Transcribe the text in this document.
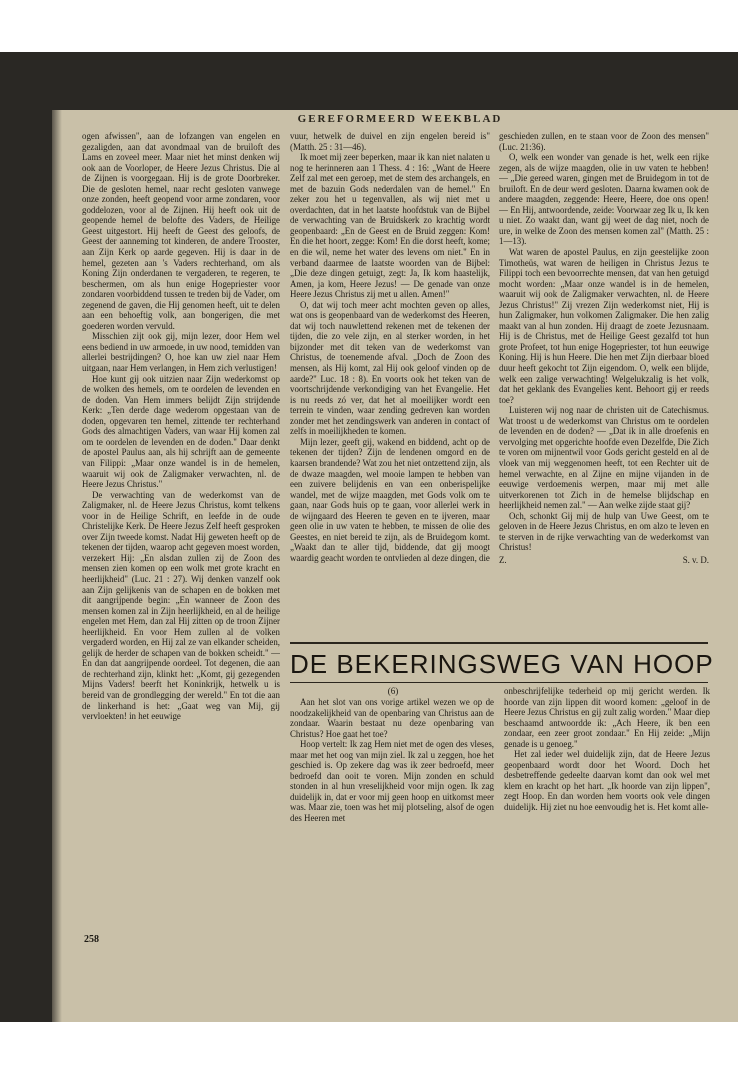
GEREFORMEERD WEEKBLAD

ogen afwissen", aan de lofzangen van engelen en gezaligden, aan dat avondmaal van de bruiloft des Lams en zoveel meer. Maar niet het minst denken wij ook aan de Voorloper, de Heere Jezus Christus. Die al de Zijnen is voorgegaan. Hij is de grote Doorbreker. Die de gesloten hemel, naar recht gesloten vanwege onze zonden, heeft geopend voor arme zondaren, voor goddelozen, voor al de Zijnen. Hij heeft ook uit de geopende hemel de belofte des Vaders, de Heilige Geest uitgestort. Hij heeft de Geest des geloofs, de Geest der aanneming tot kinderen, de andere Trooster, aan Zijn Kerk op aarde gegeven. Hij is daar in de hemel, gezeten aan 's Vaders rechterhand, om als Koning Zijn onderdanen te vergaderen, te regeren, te beschermen, om als hun enige Hogepriester voor zondaren voorbiddend tussen te treden bij de Vader, om zegenend de gaven, die Hij genomen heeft, uit te delen aan een behoeftig volk, aan bongerigen, die met goederen worden vervuld.

Misschien zijt ook gij, mijn lezer, door Hem wel eens bediend in uw armoede, in uw nood, temidden van allerlei bestrijdingen? O, hoe kan uw ziel naar Hem uitgaan, naar Hem verlangen, in Hem zich verlustigen!

Hoe kunt gij ook uitzien naar Zijn wederkomst op de wolken des hemels, om te oordelen de levenden en de doden. Van Hem immers belijdt Zijn strijdende Kerk: „Ten derde dage wederom opgestaan van de doden, opgevaren ten hemel, zittende ter rechterhand Gods des almachtigen Vaders, van waar Hij komen zal om te oordelen de levenden en de doden." Daar denkt de apostel Paulus aan, als hij schrijft aan de gemeente van Filippi: „Maar onze wandel is in de hemelen, waaruit wij ook de Zaligmaker verwachten, nl. de Heere Jezus Christus."

De verwachting van de wederkomst van de Zaligmaker, nl. de Heere Jezus Christus, komt telkens voor in de Heilige Schrift, en leefde in de oude Christelijke Kerk. De Heere Jezus Zelf heeft gesproken over Zijn tweede komst. Nadat Hij geweten heeft op de tekenen der tijden, waarop acht gegeven moest worden, verzekert Hij: „En alsdan zullen zij de Zoon des mensen zien komen op een wolk met grote kracht en heerlijkheid" (Luc. 21 : 27). Wij denken vanzelf ook aan Zijn gelijkenis van de schapen en de bokken met dit aangrijpende begin: „En wanneer de Zoon des mensen komen zal in Zijn heerlijkheid, en al de heilige engelen met Hem, dan zal Hij zitten op de troon Zijner heerlijkheid. En voor Hem zullen al de volken vergaderd worden, en Hij zal ze van elkander scheiden, gelijk de herder de schapen van de bokken scheidt." — En dan dat aangrijpende oordeel. Tot degenen, die aan de rechterhand zijn, klinkt het: „Komt, gij gezegenden Mijns Vaders! beerft het Koninkrijk, hetwelk u is bereid van de grondlegging der wereld." En tot die aan de linkerhand is het: „Gaat weg van Mij, gij vervloekten! in het eeuwige

vuur, hetwelk de duivel en zijn engelen bereid is" (Matth. 25 : 31—46).

Ik moet mij zeer beperken, maar ik kan niet nalaten u nog te herinneren aan 1 Thess. 4 : 16: „Want de Heere Zelf zal met een geroep, met de stem des archangels, en met de bazuin Gods nederdalen van de hemel." En zeker zou het u tegenvallen, als wij niet met u overdachten, dat in het laatste hoofdstuk van de Bijbel de verwachting van de Bruidskerk zo krachtig wordt geopenbaard: „En de Geest en de Bruid zeggen: Kom! En die het hoort, zegge: Kom! En die dorst heeft, kome; en die wil, neme het water des levens om niet." En in verband daarmee de laatste woorden van de Bijbel: „Die deze dingen getuigt, zegt: Ja, Ik kom haastelijk, Amen, ja kom, Heere Jezus! — De genade van onze Heere Jezus Christus zij met u allen. Amen!"

O, dat wij toch meer acht mochten geven op alles, wat ons is geopenbaard van de wederkomst des Heeren, dat wij toch nauwlettend rekenen met de tekenen der tijden, die zo vele zijn, en al sterker worden, in het bijzonder met dit teken van de wederkomst van Christus, de toenemende afval. „Doch de Zoon des mensen, als Hij komt, zal Hij ook geloof vinden op de aarde?" Luc. 18 : 8). En voorts ook het teken van de voortschrijdende verkondiging van het Evangelie. Het is nu reeds zó ver, dat het al moeilijker wordt een terrein te vinden, waar zending gedreven kan worden zonder met het zendingswerk van anderen in contact of zelfs in moeilijkheden te komen.

Mijn lezer, geeft gij, wakend en biddend, acht op de tekenen der tijden? Zijn de lendenen omgord en de kaarsen brandende? Wat zou het niet ontzettend zijn, als de dwaze maagden, wel mooie lampen te hebben van een zuivere belijdenis en van een onberispelijke wandel, met de wijze maagden, met Gods volk om te gaan, naar Gods huis op te gaan, voor allerlei werk in de wijngaard des Heeren te geven en te ijveren, maar geen olie in uw vaten te hebben, te missen de olie des Geestes, en niet bereid te zijn, als de Bruidegom komt. „Waakt dan te aller tijd, biddende, dat gij moogt waardig geacht worden te ontvlieden al deze dingen, die

geschieden zullen, en te staan voor de Zoon des mensen" (Luc. 21:36).

O, welk een wonder van genade is het, welk een rijke zegen, als de wijze maagden, olie in uw vaten te hebben! — „Die gereed waren, gingen met de Bruidegom in tot de bruiloft. En de deur werd gesloten. Daarna kwamen ook de andere maagden, zeggende: Heere, Heere, doe ons open! — En Hij, antwoordende, zeide: Voorwaar zeg Ik u, Ik ken u niet. Zo waakt dan, want gij weet de dag niet, noch de ure, in welke de Zoon des mensen komen zal" (Matth. 25 : 1—13).

Wat waren de apostel Paulus, en zijn geestelijke zoon Timotheüs, wat waren de heiligen in Christus Jezus te Filippi toch een bevoorrechte mensen, dat van hen getuigd mocht worden: „Maar onze wandel is in de hemelen, waaruit wij ook de Zaligmaker verwachten, nl. de Heere Jezus Christus!" Zij vrezen Zijn wederkomst niet, Hij is hun Zaligmaker, hun volkomen Zaligmaker. Die hen zalig maakt van al hun zonden. Hij draagt de zoete Jezusnaam. Hij is de Christus, met de Heilige Geest gezalfd tot hun grote Profeet, tot hun enige Hogepriester, tot hun eeuwige Koning. Hij is hun Heere. Die hen met Zijn dierbaar bloed duur heeft gekocht tot Zijn eigendom. O, welk een blijde, welk een zalige verwachting! Welgelukzalig is het volk, dat het geklank des Evangelies kent. Behoort gij er reeds toe?

Luisteren wij nog naar de christen uit de Catechismus. Wat troost u de wederkomst van Christus om te oordelen de levenden en de doden? — „Dat ik in alle droefenis en vervolging met opgerichte hoofde even Dezelfde, Die Zich te voren om mijnentwil voor Gods gericht gesteld en al de vloek van mij weggenomen heeft, tot een Rechter uit de hemel verwachte, en al Zijne en mijne vijanden in de eeuwige verdoemenis werpen, maar mij met alle uitverkorenen tot Zich in de hemelse blijdschap en heerlijkheid nemen zal." — Aan welke zijde staat gij?

Och, schonkt Gij mij de hulp van Uwe Geest, om te geloven in de Heere Jezus Christus, en om alzo te leven en te sterven in de rijke verwachting van de wederkomst van Christus!

Z.	S. v. D.
DE BEKERINGSWEG VAN HOOP
(6)

Aan het slot van ons vorige artikel wezen we op de noodzakelijkheid van de openbaring van Christus aan de zondaar. Waarin bestaat nu deze openbaring van Christus? Hoe gaat het toe?

Hoop vertelt: Ik zag Hem niet met de ogen des vleses, maar met het oog van mijn ziel. Ik zal u zeggen, hoe het geschied is. Op zekere dag was ik zeer bedroefd, meer bedroefd dan ooit te voren. Mijn zonden en schuld stonden in al hun vreselijkheid voor mijn ogen. Ik zag duidelijk in, dat er voor mij geen hoop en uitkomst meer was. Maar zie, toen was het mij plotseling, alsof de ogen des Heeren met

onbeschrijfelijke tederheid op mij gericht werden. Ik hoorde van zijn lippen dit woord komen: „geloof in de Heere Jezus Christus en gij zult zalig worden." Maar diep beschaamd antwoordde ik: „Ach Heere, ik ben een zondaar, een zeer groot zondaar." En Hij zeide: „Mijn genade is u genoeg."

Het zal ieder wel duidelijk zijn, dat de Heere Jezus geopenbaard wordt door het Woord. Doch het desbetreffende gedeelte daarvan komt dan ook wel met klem en kracht op het hart. „Ik hoorde van zijn lippen", zegt Hoop. En dan worden hem voorts ook vele dingen duidelijk. Hij ziet nu hoe eenvoudig het is. Het komt alle-

258
